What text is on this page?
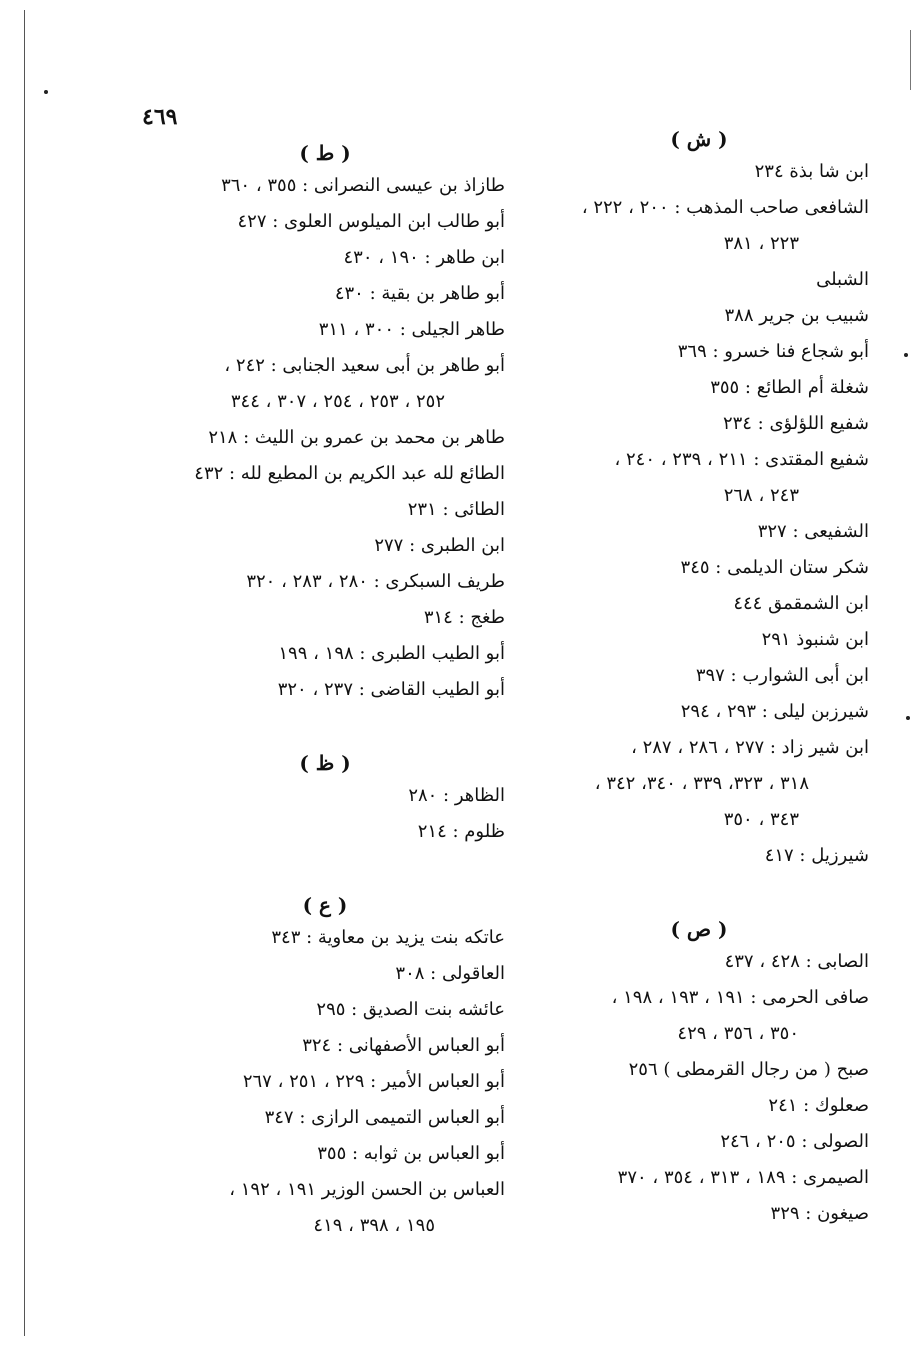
٤٦٩
( ش )

ابن شا بذة ٢٣٤

الشافعى صاحب المذهب : ٢٠٠ ، ٢٢٢ ،

٢٢٣ ، ٣٨١

الشبلى

شبيب بن جرير ٣٨٨

أبو شجاع فنا خسرو : ٣٦٩

شغلة أم الطائع : ٣٥٥

شفيع اللؤلؤى : ٢٣٤

شفيع المقتدى : ٢١١ ، ٢٣٩ ، ٢٤٠ ،

٢٤٣ ، ٢٦٨

الشفيعى : ٣٢٧

شكر ستان الديلمى : ٣٤٥

ابن الشمقمق ٤٤٤

ابن شنبوذ ٢٩١

ابن أبى الشوارب : ٣٩٧

شيرزبن ليلى : ٢٩٣ ، ٢٩٤

ابن شير زاد : ٢٧٧ ، ٢٨٦ ، ٢٨٧ ،

٣١٨ ، ٣٢٣، ٣٣٩ ، ٣٤٠، ٣٤٢ ،

٣٤٣ ، ٣٥٠

شيرزيل : ٤١٧

( ص )

الصابى : ٤٢٨ ، ٤٣٧

صافى الحرمى : ١٩١ ، ١٩٣ ، ١٩٨ ،

٣٥٠ ، ٣٥٦ ، ٤٢٩

صبح ( من رجال القرمطى ) ٢٥٦

صعلوك : ٢٤١

الصولى : ٢٠٥ ، ٢٤٦

الصيمرى : ١٨٩ ، ٣١٣ ، ٣٥٤ ، ٣٧٠

صيغون : ٣٢٩

( ط )

طازاذ بن عيسى النصرانى : ٣٥٥ ، ٣٦٠

أبو طالب ابن الميلوس العلوى : ٤٢٧

ابن طاهر : ١٩٠ ، ٤٣٠

أبو طاهر بن بقية : ٤٣٠

طاهر الجيلى : ٣٠٠ ، ٣١١

أبو طاهر بن أبى سعيد الجنابى : ٢٤٢ ،

٢٥٢ ، ٢٥٣ ، ٢٥٤ ، ٣٠٧ ، ٣٤٤

طاهر بن محمد بن عمرو بن الليث : ٢١٨

الطائع لله عبد الكريم بن المطيع لله : ٤٣٢

الطائى : ٢٣١

ابن الطبرى : ٢٧٧

طريف السبكرى : ٢٨٠ ، ٢٨٣ ، ٣٢٠

طغج : ٣١٤

أبو الطيب الطبرى : ١٩٨ ، ١٩٩

أبو الطيب القاضى : ٢٣٧ ، ٣٢٠

( ظ )

الظاهر : ٢٨٠

ظلوم : ٢١٤

( ع )

عاتكه بنت يزيد بن معاوية : ٣٤٣

العاقولى : ٣٠٨

عائشه بنت الصديق : ٢٩٥

أبو العباس الأصفهانى : ٣٢٤

أبو العباس الأمير : ٢٢٩ ، ٢٥١ ، ٢٦٧

أبو العباس التميمى الرازى : ٣٤٧

أبو العباس بن ثوابه : ٣٥٥

العباس بن الحسن الوزير ١٩١ ، ١٩٢ ،

١٩٥ ، ٣٩٨ ، ٤١٩
